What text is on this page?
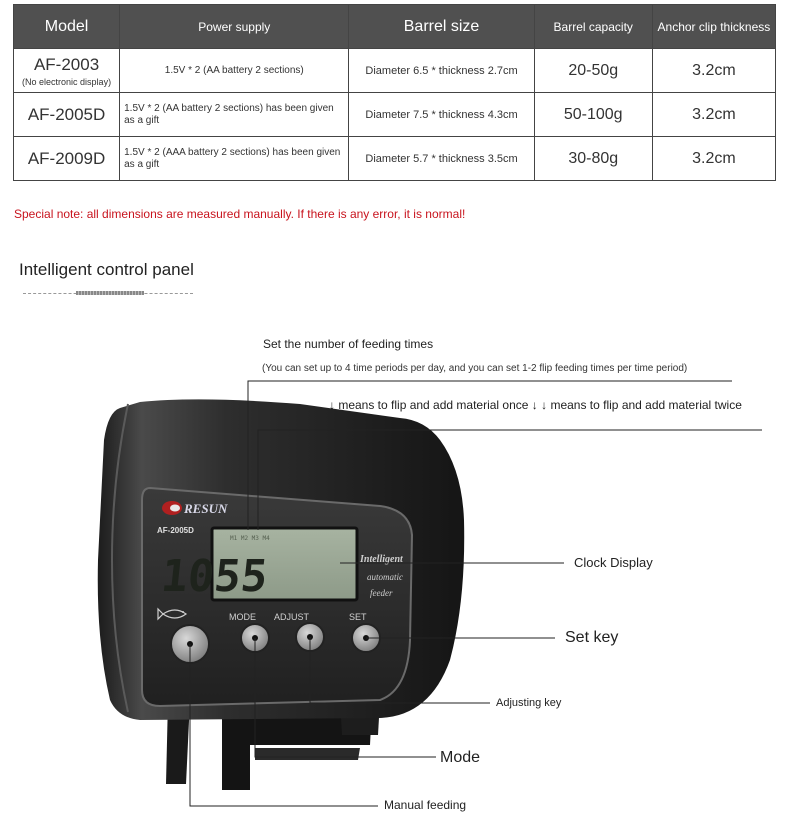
Model	Power supply	Barrel size	Barrel capacity	Anchor clip thickness
AF-2003
(No electronic display)	1.5V * 2 (AA battery 2 sections)	Diameter 6.5 * thickness 2.7cm	20-50g	3.2cm
AF-2005D	1.5V * 2 (AA battery 2 sections) has been given as a gift	Diameter 7.5 * thickness 4.3cm	50-100g	3.2cm
AF-2009D	1.5V * 2 (AAA battery 2 sections) has been given as a gift	Diameter 5.7 * thickness 3.5cm	30-80g	3.2cm
Special note: all dimensions are measured manually. If there is any error, it is normal!
Intelligent control panel
RESUN
AF-2005D
M1 M2 M3 M4
1055	Intelligent
automatic
feeder
MODE ADJUST	SET
Set the number of feeding times
(You can set up to 4 time periods per day, and you can set 1-2 flip feeding times per time period)
↓ means to flip and add material once ↓ ↓ means to flip and add material twice
Clock Display
Set key
Adjusting key
Mode
Manual feeding
